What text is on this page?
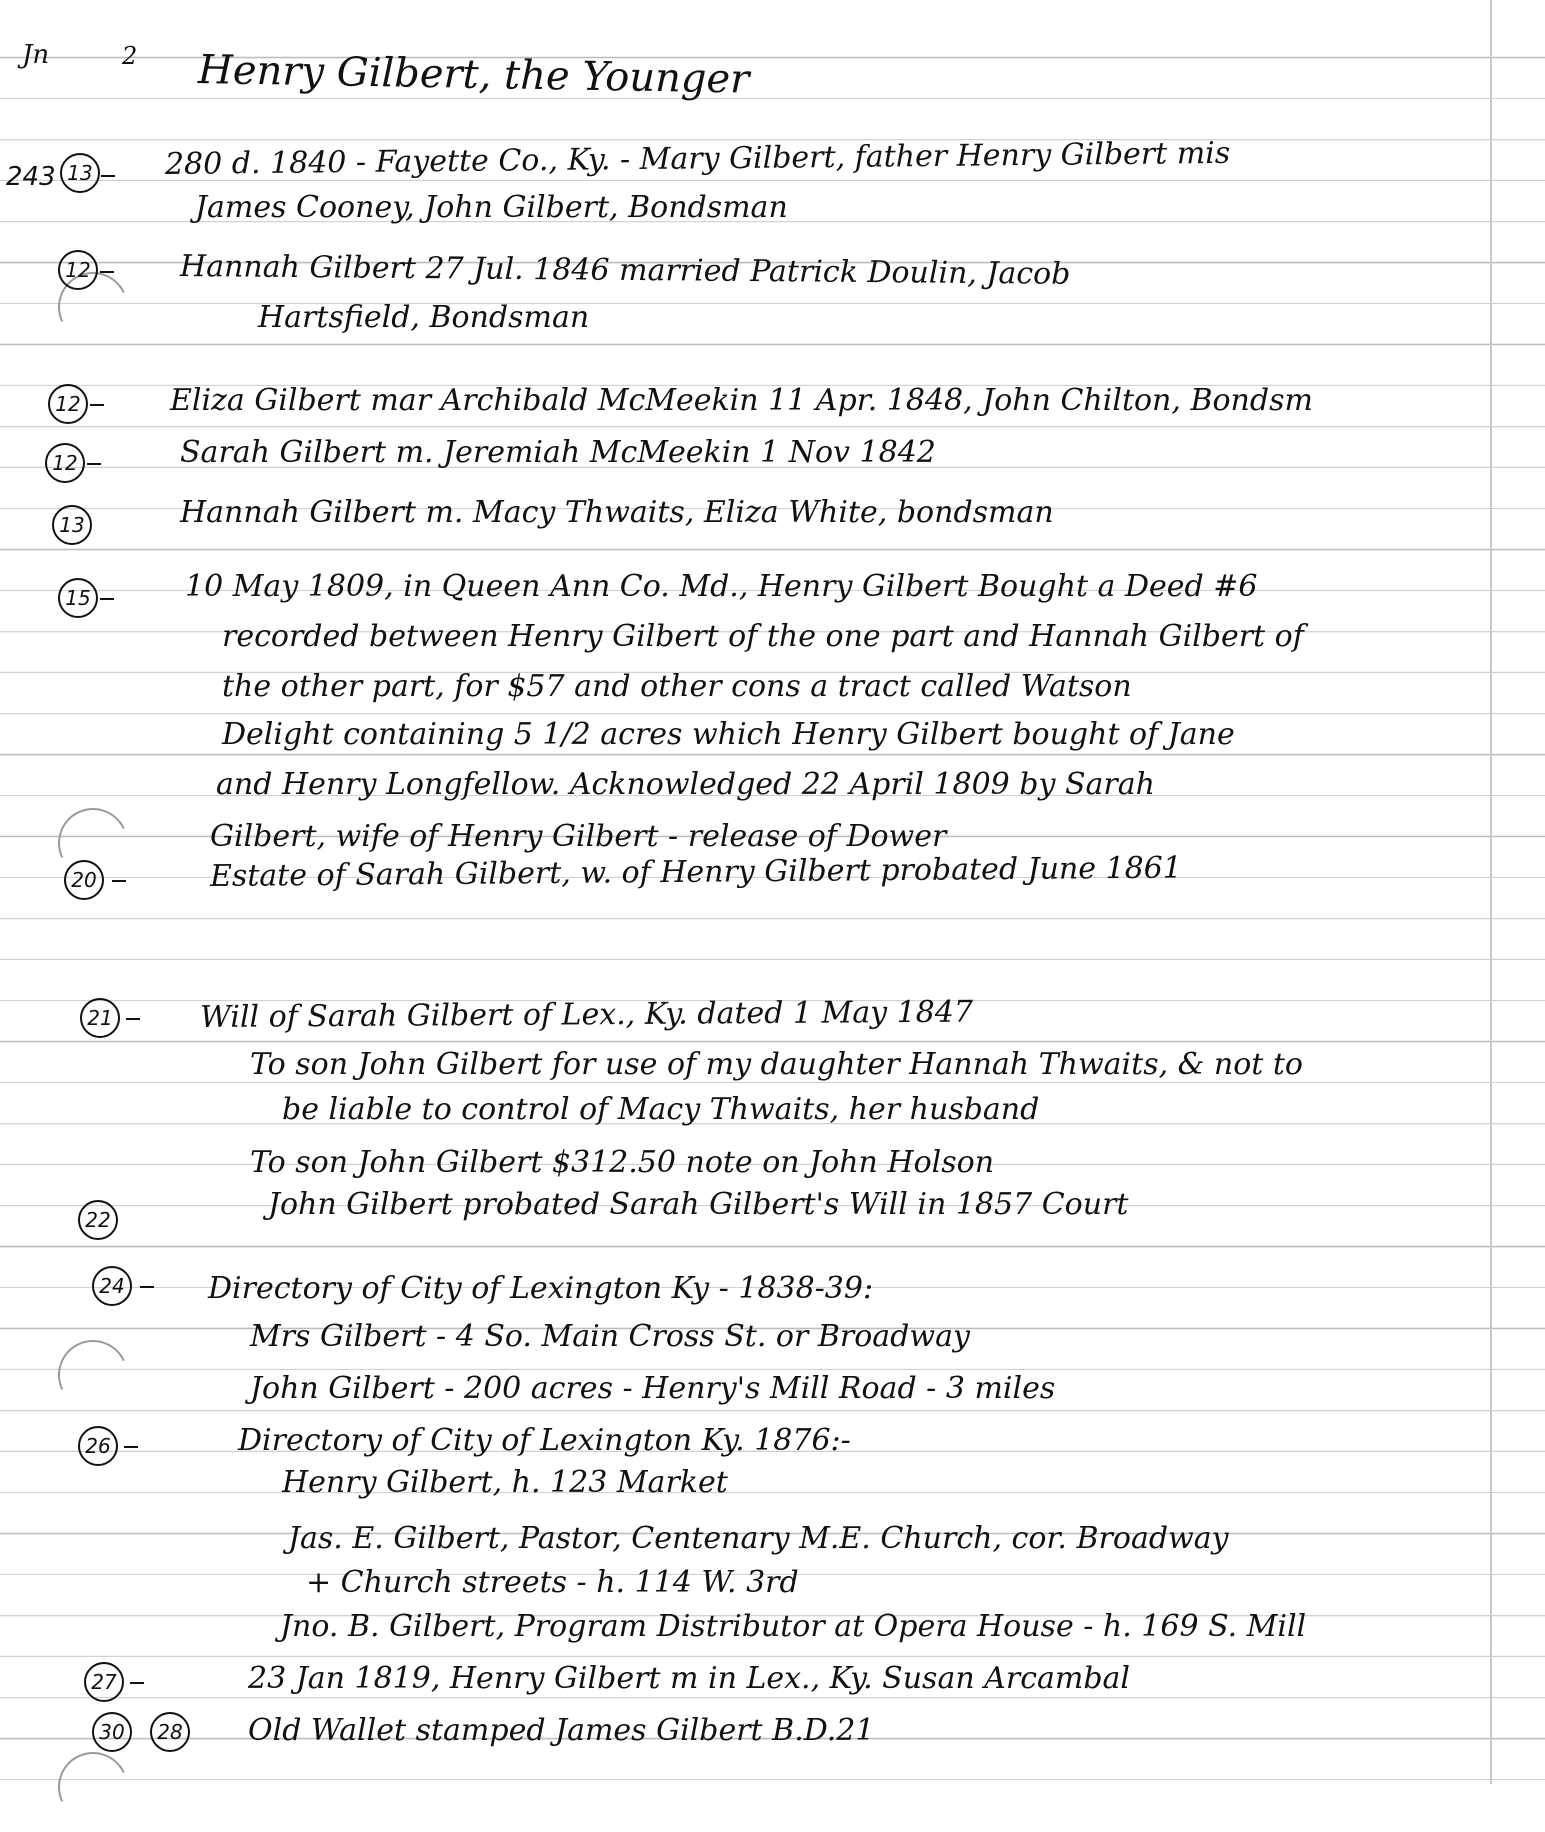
Jn	2 Henry Gilbert, the Younger
243 13 280 d. 1840 - Fayette Co., Ky. - Mary Gilbert, father Henry Gilbert mis
James Cooney, John Gilbert, Bondsman
12	Hannah Gilbert 27 Jul. 1846 married Patrick Doulin, Jacob
Hartsfield, Bondsman
12	Eliza Gilbert mar Archibald McMeekin 11 Apr. 1848, John Chilton, Bondsm
12	Sarah Gilbert m. Jeremiah McMeekin 1 Nov 1842
13	Hannah Gilbert m. Macy Thwaits, Eliza White, bondsman
15	10 May 1809, in Queen Ann Co. Md., Henry Gilbert Bought a Deed #6
recorded between Henry Gilbert of the one part and Hannah Gilbert of
the other part, for $57 and other cons a tract called Watson
Delight containing 5 1/2 acres which Henry Gilbert bought of Jane
and Henry Longfellow. Acknowledged 22 April 1809 by Sarah
Gilbert, wife of Henry Gilbert - release of Dower
20	Estate of Sarah Gilbert, w. of Henry Gilbert probated June 1861
21	Will of Sarah Gilbert of Lex., Ky. dated 1 May 1847
To son John Gilbert for use of my daughter Hannah Thwaits, & not to
be liable to control of Macy Thwaits, her husband
To son John Gilbert $312.50 note on John Holson
22	John Gilbert probated Sarah Gilbert's Will in 1857 Court
24	Directory of City of Lexington Ky - 1838-39:
Mrs Gilbert - 4 So. Main Cross St. or Broadway
John Gilbert - 200 acres - Henry's Mill Road - 3 miles
26	Directory of City of Lexington Ky. 1876:-
Henry Gilbert, h. 123 Market
Jas. E. Gilbert, Pastor, Centenary M.E. Church, cor. Broadway
+ Church streets - h. 114 W. 3rd
Jno. B. Gilbert, Program Distributor at Opera House - h. 169 S. Mill
27	23 Jan 1819, Henry Gilbert m in Lex., Ky. Susan Arcambal
30	28 Old Wallet stamped James Gilbert B.D.21
